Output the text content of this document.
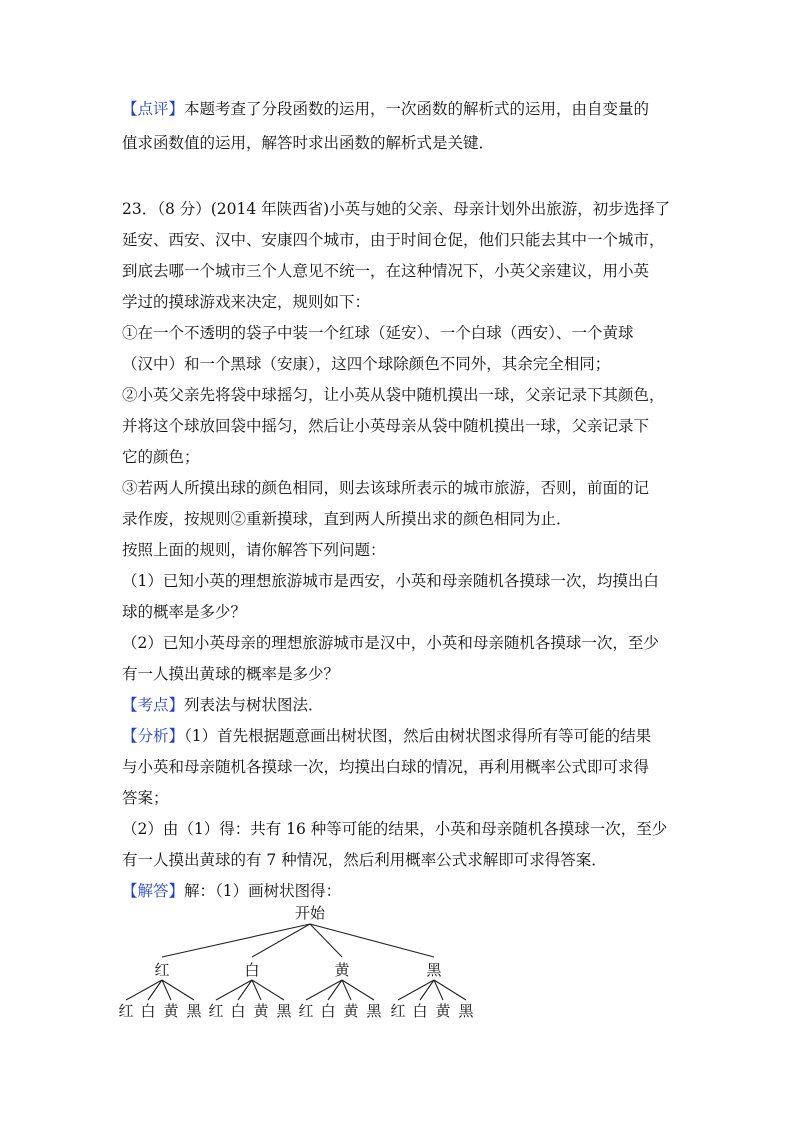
【点评】本题考查了分段函数的运用，一次函数的解析式的运用，由自变量的
值求函数值的运用，解答时求出函数的解析式是关键．
23．（8 分）(2014 年陕西省)小英与她的父亲、母亲计划外出旅游，初步选择了
延安、西安、汉中、安康四个城市，由于时间仓促，他们只能去其中一个城市，
到底去哪一个城市三个人意见不统一，在这种情况下，小英父亲建议，用小英
学过的摸球游戏来决定，规则如下：
①在一个不透明的袋子中装一个红球（延安）、一个白球（西安）、一个黄球
（汉中）和一个黑球（安康），这四个球除颜色不同外，其余完全相同；
②小英父亲先将袋中球摇匀，让小英从袋中随机摸出一球，父亲记录下其颜色，
并将这个球放回袋中摇匀，然后让小英母亲从袋中随机摸出一球，父亲记录下
它的颜色；
③若两人所摸出球的颜色相同，则去该球所表示的城市旅游，否则，前面的记
录作废，按规则②重新摸球，直到两人所摸出求的颜色相同为止．
按照上面的规则，请你解答下列问题：
（1）已知小英的理想旅游城市是西安，小英和母亲随机各摸球一次，均摸出白
球的概率是多少？
（2）已知小英母亲的理想旅游城市是汉中，小英和母亲随机各摸球一次，至少
有一人摸出黄球的概率是多少？
【考点】列表法与树状图法．
【分析】（1）首先根据题意画出树状图，然后由树状图求得所有等可能的结果
与小英和母亲随机各摸球一次，均摸出白球的情况，再利用概率公式即可求得
答案；
（2）由（1）得：共有 16 种等可能的结果，小英和母亲随机各摸球一次，至少
有一人摸出黄球的有 7 种情况，然后利用概率公式求解即可求得答案．
【解答】解：（1）画树状图得：
开始
红
红 白 黄 黑
白
红 白 黄 黑
黄
红 白 黄 黑
黑
红 白 黄 黑
